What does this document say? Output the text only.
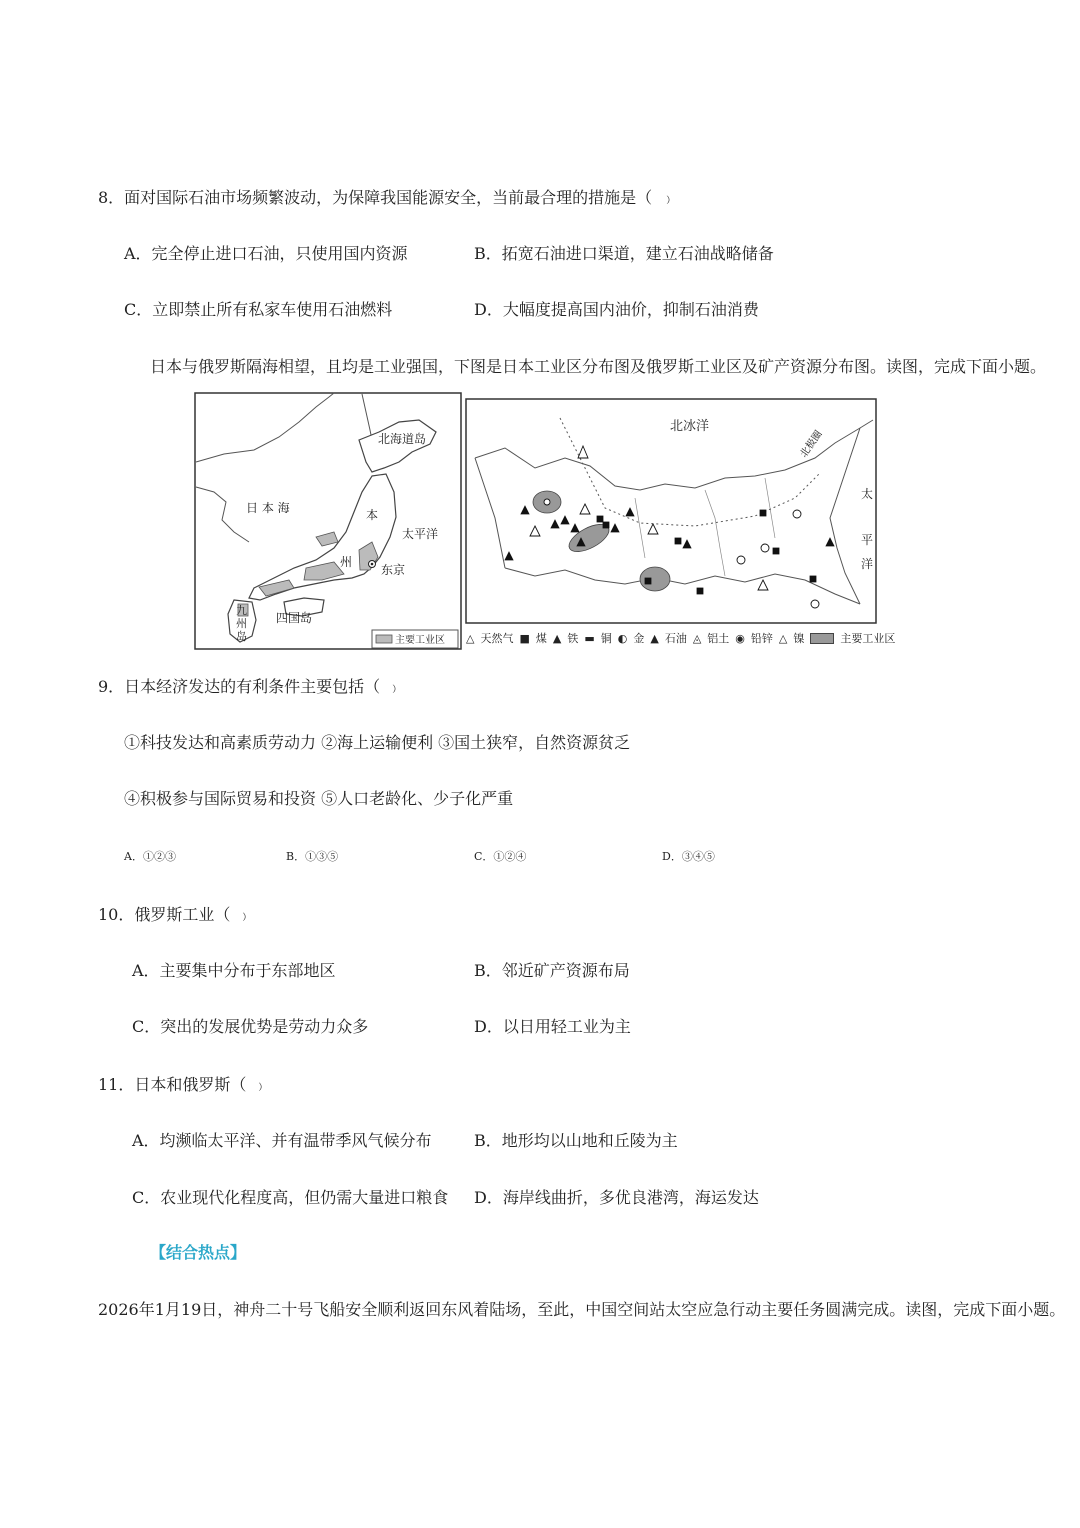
8．面对国际石油市场频繁波动，为保障我国能源安全，当前最合理的措施是（ ）
A．完全停止进口石油，只使用国内资源	B．拓宽石油进口渠道，建立石油战略储备
C．立即禁止所有私家车使用石油燃料	D．大幅度提高国内油价，抑制石油消费
日本与俄罗斯隔海相望，且均是工业强国，下图是日本工业区分布图及俄罗斯工业区及矿产资源分布图。读图，完成下面小题。
北海道岛
日 本 海
太平洋
本
州
东京
九
州
岛
四国岛
主要工业区
北冰洋
北极圈
太
平
洋
△ 天然气 ■ 煤 ▲ 铁 ▬ 铜 ◐ 金 ▲ 石油 ◬ 铝土 ◉ 铅锌 △ 镍	主要工业区
9．日本经济发达的有利条件主要包括（ ）
①科技发达和高素质劳动力 ②海上运输便利 ③国土狭窄，自然资源贫乏
④积极参与国际贸易和投资 ⑤人口老龄化、少子化严重
A．①②③	B．①③⑤	C．①②④	D．③④⑤
10．俄罗斯工业（ ）
A．主要集中分布于东部地区	B．邻近矿产资源布局
C．突出的发展优势是劳动力众多	D．以日用轻工业为主
11．日本和俄罗斯（ ）
A．均濒临太平洋、并有温带季风气候分布	B．地形均以山地和丘陵为主
C．农业现代化程度高，但仍需大量进口粮食 D．海岸线曲折，多优良港湾，海运发达
【结合热点】
2026年1月19日，神舟二十号飞船安全顺利返回东风着陆场，至此，中国空间站太空应急行动主要任务圆满完成。读图，完成下面小题。
